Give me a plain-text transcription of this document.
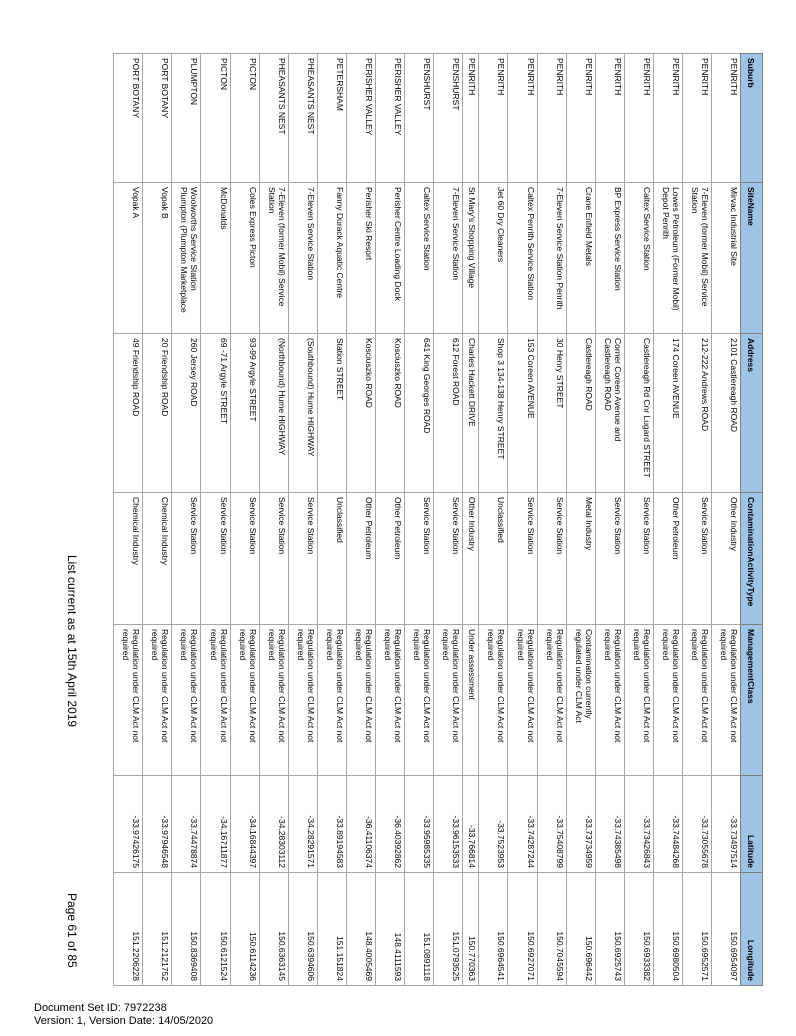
Suburb	SiteName	Address	ContaminationActivityType	ManagementClass	Latitude	Longitude
PENRITH	Mirvac Industrial Site	2101 Castlereagh ROAD	Other Industry	Regulation under CLM Act not
required	-33.73497514	150.6954097
PENRITH	7-Eleven (former Mobil) Service
Station	212-222 Andrews ROAD	Service Station	Regulation under CLM Act not
required	-33.73055678	150.6952571
PENRITH	Lowes Petroleum (Former Mobil)
Depot Penrith	174 Coreen AVENUE	Other Petroleum	Regulation under CLM Act not
required	-33.74484268	150.6980504
PENRITH	Caltex Service Station	Castlereagh Rd Cnr Lugard STREET	Service Station	Regulation under CLM Act not
required	-33.73426843	150.6933382
PENRITH	BP Express Service Station	Corner Coreen Avenue and
Castlereagh ROAD	Service Station	Regulation under CLM Act not
required	-33.74385498	150.6925743
PENRITH	Crane Enfield Metals	Castlereagh ROAD	Metal Industry	Contamination currently
regulated under CLM Act	-33.73734959	150.696442
PENRITH	7-Eleven Service Station Penrith	30 Henry STREET	Service Station	Regulation under CLM Act not
required	-33.75408799	150.7045594
PENRITH	Caltex Penrith Service Station	153 Coreen AVENUE	Service Station	Regulation under CLM Act not
required	-33.74287244	150.6927071
PENRITH	Jet 60 Dry Cleaners	Shop 3 134-138 Henry STREET	Unclassified	Regulation under CLM Act not
required	-33.7523953	150.6964541
PENRITH	St Mary's Shopping Village	Charles Hackett DRIVE	Other Industry	Under assessment	-33.766814	150.770363
PENSHURST	7-Eleven Service Station	612 Forest ROAD	Service Station	Regulation under CLM Act not
required	-33.96153533	151.0793525
PENSHURST	Caltex Service Station	641 King Georges ROAD	Service Station	Regulation under CLM Act not
required	-33.95985335	151.0891118
PERISHER VALLEY	Perisher Centre Loading Dock	Kosciuszko ROAD	Other Petroleum	Regulation under CLM Act not
required	-36.40392862	148.4111593
PERISHER VALLEY	Perisher Ski Resort	Kosciuszko ROAD	Other Petroleum	Regulation under CLM Act not
required	-36.41106374	148.4005469
PETERSHAM	Fanny Durack Aquatic Centre	Station STREET	Unclassified	Regulation under CLM Act not
required	-33.89194583	151.151824
PHEASANTS NEST	7-Eleven Service Station	(Southbound) Hume HIGHWAY	Service Station	Regulation under CLM Act not
required	-34.28291571	150.6394606
PHEASANTS NEST	7-Eleven (former Mobil) Service
Station	(Northbound) Hume HIGHWAY	Service Station	Regulation under CLM Act not
required	-34.28303112	150.6363145
PICTON	Coles Express Picton	93-99 Argyle STREET	Service Station	Regulation under CLM Act not
required	-34.16844397	150.6114236
PICTON	McDonalds	69 -71 Argyle STREET	Service Station	Regulation under CLM Act not
required	-34.16711877	150.6121524
PLUMPTON	Woolworths Service Station
Plumpton (Plumpton Marketplace	260 Jersey ROAD	Service Station	Regulation under CLM Act not
required	-33.74478874	150.8369408
PORT BOTANY	Vopak B	20 Friendship ROAD	Chemical Industry	Regulation under CLM Act not
required	-33.97946548	151.2121752
PORT BOTANY	Vopak A	49 Friendship ROAD	Chemical Industry	Regulation under CLM Act not
required	-33.97426175	151.2206228
List current as at 15th April 2019
Page 61 of 85
Document Set ID: 7972238
Version: 1, Version Date: 14/05/2020
